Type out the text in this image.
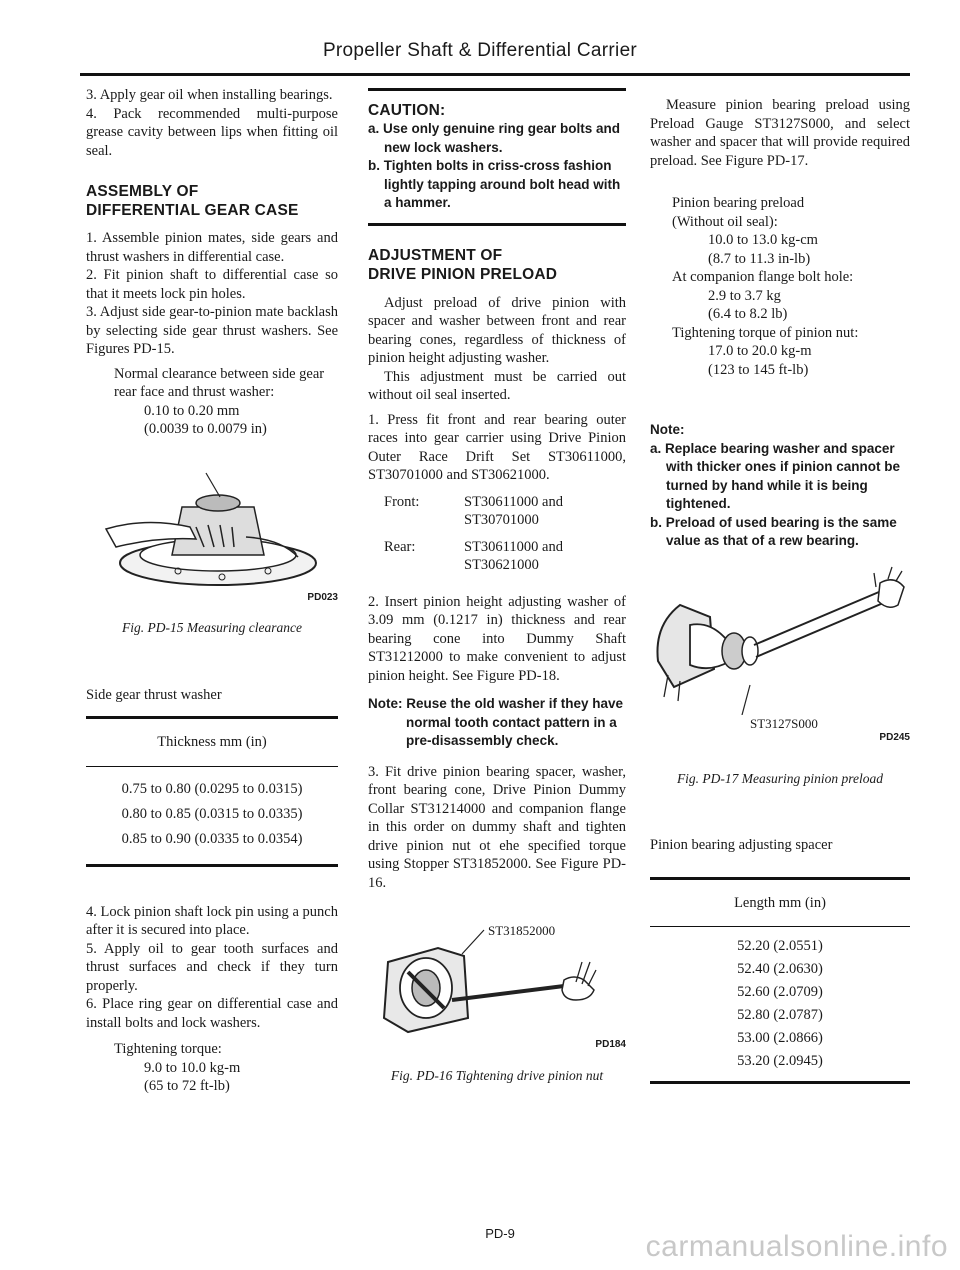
Propeller Shaft & Differential Carrier

3. Apply gear oil when installing bearings.

4. Pack recommended multi-purpose grease cavity between lips when fitting oil seal.

ASSEMBLY OF

DIFFERENTIAL GEAR CASE

1. Assemble pinion mates, side gears and thrust washers in differential case.

2. Fit pinion shaft to differential case so that it meets lock pin holes.

3. Adjust side gear-to-pinion mate backlash by selecting side gear thrust washers. See Figures PD-15.

Normal clearance between side gear rear face and thrust washer:

0.10 to 0.20 mm

(0.0039 to 0.0079 in)

PD023

Fig. PD-15 Measuring clearance

Side gear thrust washer

Thickness mm (in)

0.75 to 0.80 (0.0295 to 0.0315)

0.80 to 0.85 (0.0315 to 0.0335)

0.85 to 0.90 (0.0335 to 0.0354)

4. Lock pinion shaft lock pin using a punch after it is secured into place.

5. Apply oil to gear tooth surfaces and thrust surfaces and check if they turn properly.

6. Place ring gear on differential case and install bolts and lock washers.

Tightening torque:

9.0 to 10.0 kg-m

(65 to 72 ft-lb)

CAUTION:

a. Use only genuine ring gear bolts and new lock washers.

b. Tighten bolts in criss-cross fashion lightly tapping around bolt head with a hammer.

ADJUSTMENT OF

DRIVE PINION PRELOAD

Adjust preload of drive pinion with spacer and washer between front and rear bearing cones, regardless of thickness of pinion height adjusting washer.

This adjustment must be carried out without oil seal inserted.

1. Press fit front and rear bearing outer races into gear carrier using Drive Pinion Outer Race Drift Set ST30611000, ST30701000 and ST30621000.

Front:	ST30611000 and
ST30701000
Rear:	ST30611000 and
ST30621000

2. Insert pinion height adjusting washer of 3.09 mm (0.1217 in) thickness and rear bearing cone into Dummy Shaft ST31212000 to make convenient to adjust pinion height. See Figure PD-18.

Note: Reuse the old washer if they have normal tooth contact pattern in a pre-disassembly check.

3. Fit drive pinion bearing spacer, washer, front bearing cone, Drive Pinion Dummy Collar ST31214000 and companion flange in this order on dummy shaft and tighten drive pinion nut ot ehe specified torque using Stopper ST31852000. See Figure PD-16.

ST31852000
PD184

Fig. PD-16 Tightening drive pinion nut

Measure pinion bearing preload using Preload Gauge ST3127S000, and select washer and spacer that will provide required preload. See Figure PD-17.

Pinion bearing preload

(Without oil seal):

10.0 to 13.0 kg-cm

(8.7 to 11.3 in-lb)

At companion flange bolt hole:

2.9 to 3.7 kg

(6.4 to 8.2 lb)

Tightening torque of pinion nut:

17.0 to 20.0 kg-m

(123 to 145 ft-lb)

Note:

a. Replace bearing washer and spacer with thicker ones if pinion cannot be turned by hand while it is being tightened.

b. Preload of used bearing is the same value as that of a rew bearing.

ST3127S000
PD245

Fig. PD-17 Measuring pinion preload

Pinion bearing adjusting spacer

Length mm (in)

52.20 (2.0551)

52.40 (2.0630)

52.60 (2.0709)

52.80 (2.0787)

53.00 (2.0866)

53.20 (2.0945)

PD-9	carmanualsonline.info
